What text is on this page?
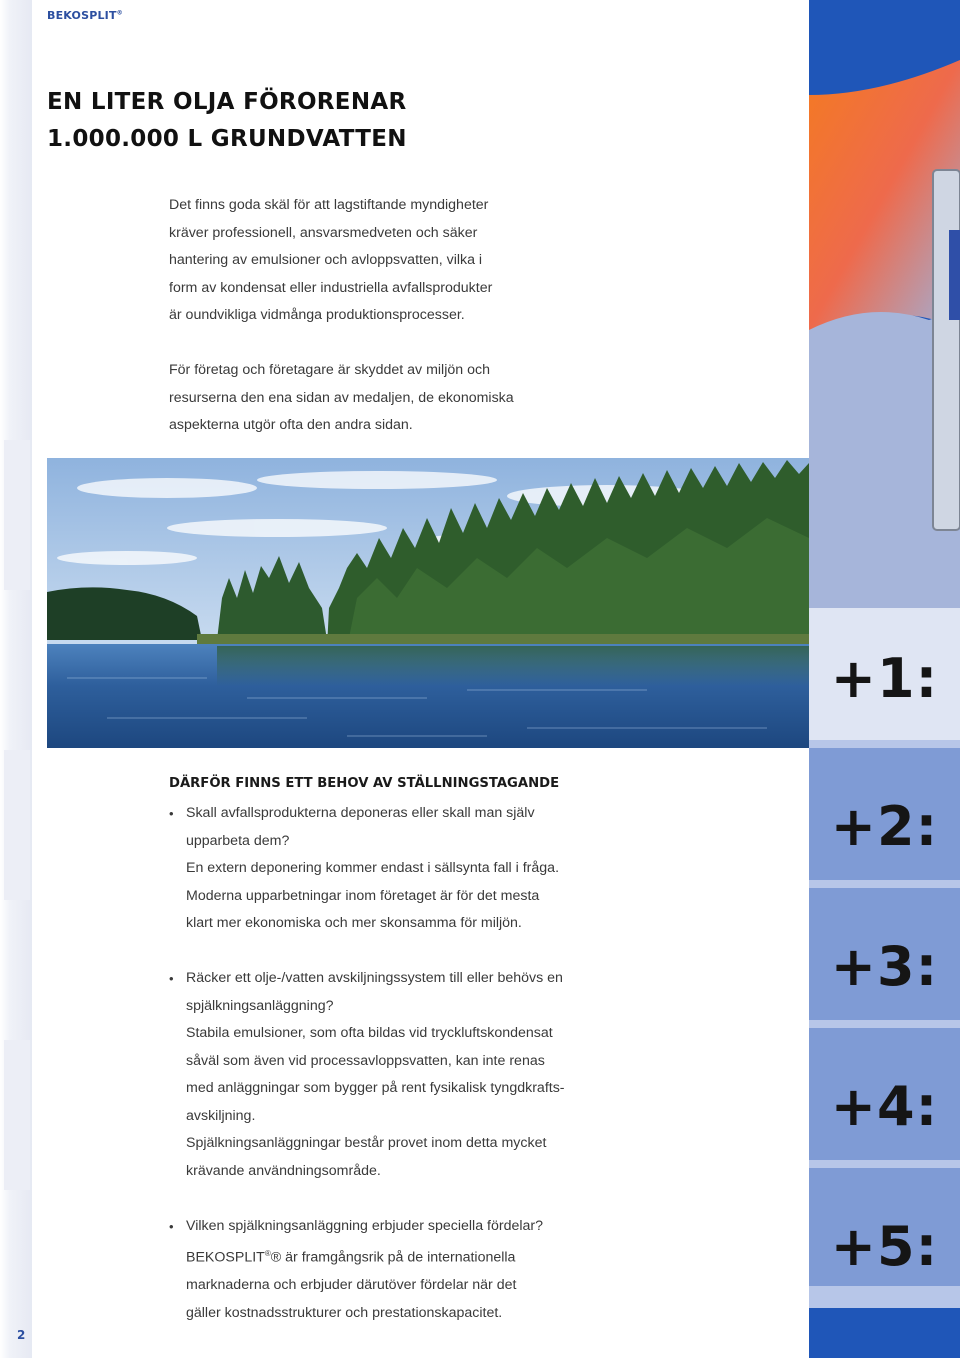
BEKOSPLIT®
EN LITER OLJA FÖRORENAR
1.000.000 L GRUNDVATTEN

Det finns goda skäl för att lagstiftande myndigheter
kräver professionell, ansvarsmedveten och säker
hantering av emulsioner och avloppsvatten, vilka i
form av kondensat eller industriella avfallsprodukter
är oundvikliga vidmånga produktionsprocesser.

För företag och företagare är skyddet av miljön och
resurserna den ena sidan av medaljen, de ekonomiska
aspekterna utgör ofta den andra sidan.

DÄRFÖR FINNS ETT BEHOV AV STÄLLNINGSTAGANDE
• Skall avfallsprodukterna deponeras eller skall man själv
upparbeta dem?
En extern deponering kommer endast i sällsynta fall i fråga.
Moderna upparbetningar inom företaget är för det mesta
klart mer ekonomiska och mer skonsamma för miljön.
• Räcker ett olje-/vatten avskiljningssystem till eller behövs en
spjälkningsanläggning?
Stabila emulsioner, som ofta bildas vid tryckluftskondensat
såväl som även vid processavloppsvatten, kan inte renas
med anläggningar som bygger på rent fysikalisk tyngdkrafts-
avskiljning.
Spjälkningsanläggningar består provet inom detta mycket
krävande användningsområde.
• Vilken spjälkningsanläggning erbjuder speciella fördelar?
BEKOSPLIT®® är framgångsrik på de internationella
marknaderna och erbjuder därutöver fördelar när det
gäller kostnadsstrukturer och prestationskapacitet.
+1:
+2:
+3:
+4:
+5:
2
